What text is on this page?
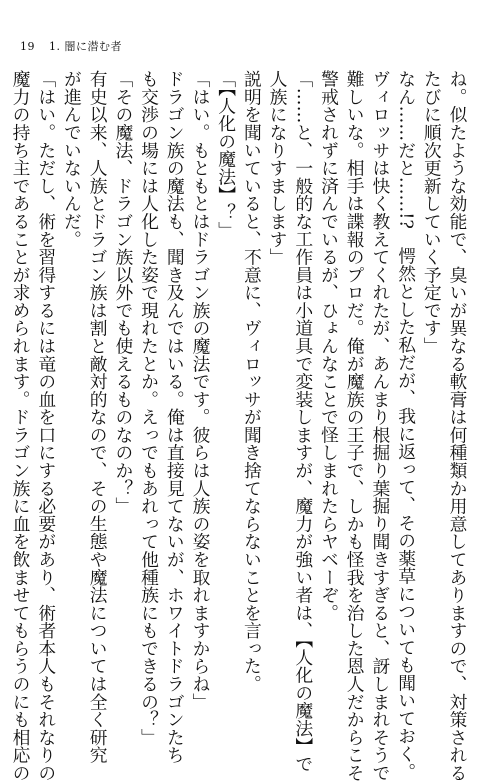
19 1. 闇に潜む者
ね。似たような効能で、臭いが異なる軟膏は何種類か用意してありますので、対策される
たびに順次更新していく予定です」
なん……だと……!?　愕然とした私だが、我に返って、その薬草についても聞いておく。
ヴィロッサは快く教えてくれたが、あんまり根掘り葉掘り聞きすぎると、訝しまれそうで
難しいな。相手は諜報のプロだ。俺が魔族の王子で、しかも怪我を治した恩人だからこそ
警戒されずに済んでいるが、ひょんなことで怪しまれたらヤベーぞ。
「……と、一般的な工作員は小道具で変装しますが、魔力が強い者は、【人化の魔法】で
人族になりすまします」
説明を聞いていると、不意に、ヴィロッサが聞き捨てならないことを言った。
「【人化の魔法】？」
「はい。もともとはドラゴン族の魔法です。彼らは人族の姿を取れますからね」
ドラゴン族の魔法も、聞き及んではいる。俺は直接見てないが、ホワイトドラゴンたち
も交渉の場には人化した姿で現れたとか。えっでもあれって他種族にもできるの？」
「その魔法、ドラゴン族以外でも使えるものなのか？」
有史以来、人族とドラゴン族は割と敵対的なので、その生態や魔法については全く研究
が進んでいないんだ。
「はい。ただし、術を習得するには竜の血を口にする必要があり、術者本人もそれなりの
魔力の持ち主であることが求められます。ドラゴン族に血を飲ませてもらうのにも相応の
